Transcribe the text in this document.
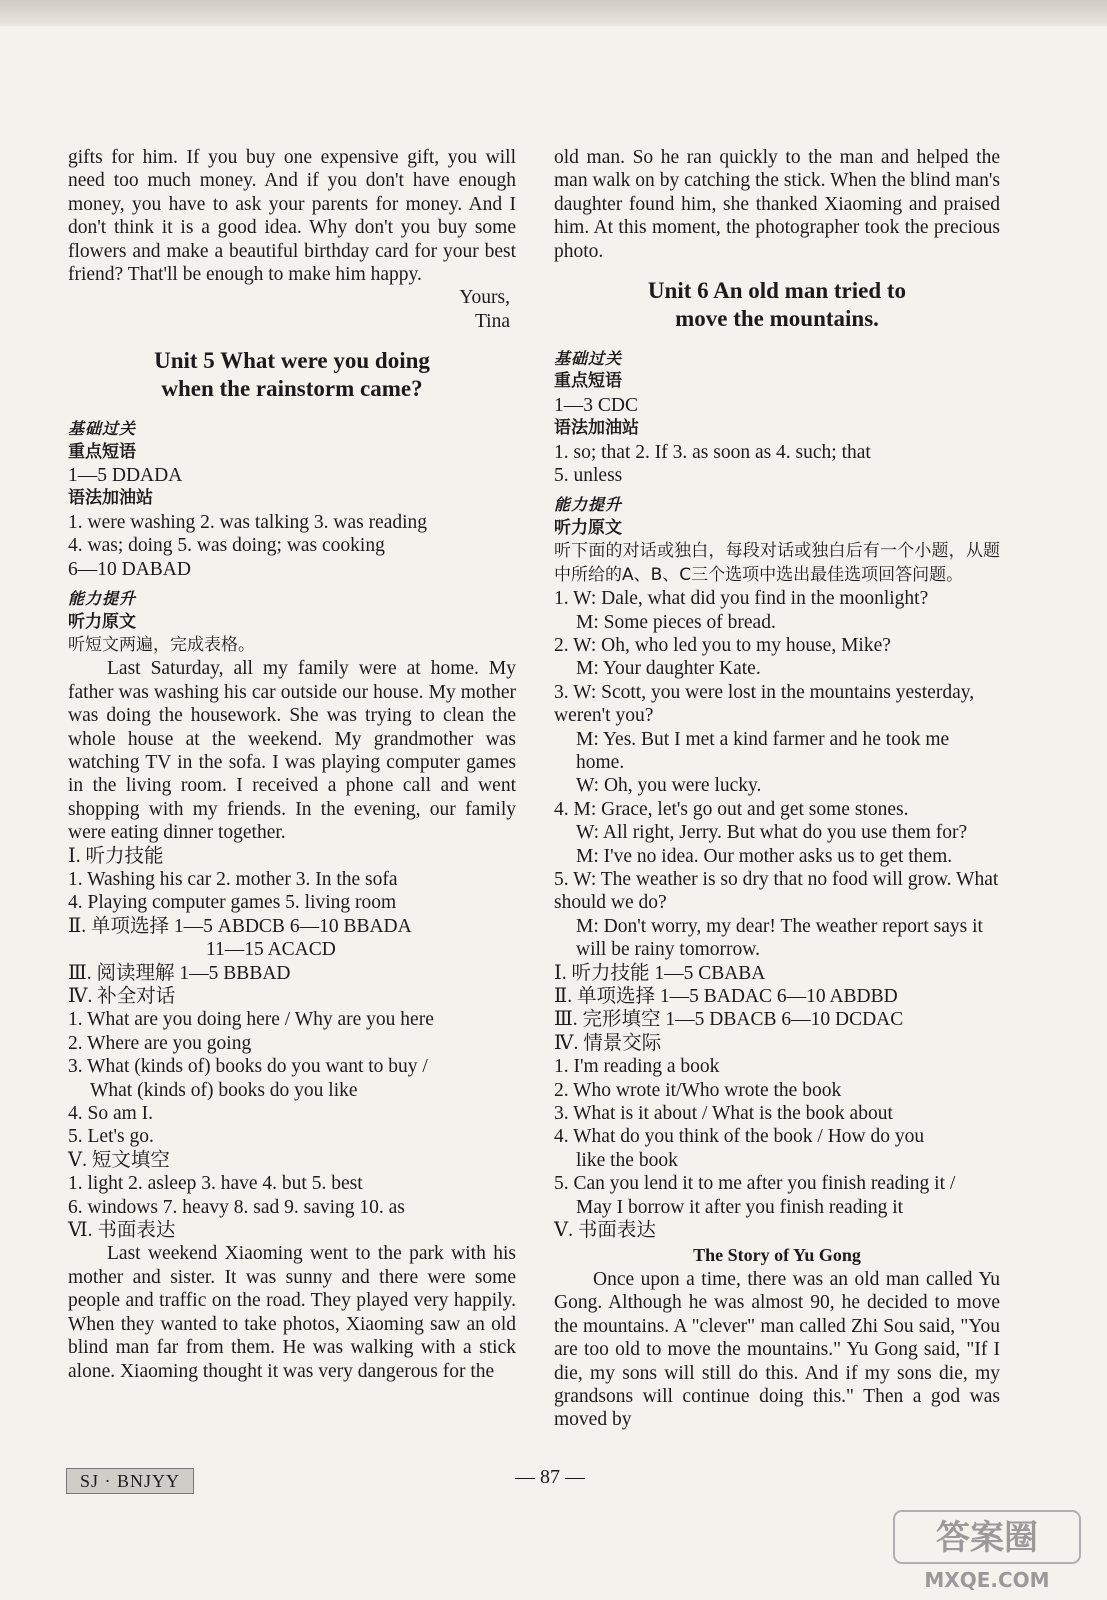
gifts for him. If you buy one expensive gift, you will need too much money. And if you don't have enough money, you have to ask your parents for money. And I don't think it is a good idea. Why don't you buy some flowers and make a beautiful birthday card for your best friend? That'll be enough to make him happy.

Yours,

Tina

Unit 5 What were you doing
when the rainstorm came?
基础过关
重点短语

1—5 DDADA

语法加油站

1. were washing 2. was talking 3. was reading

4. was; doing 5. was doing; was cooking

6—10 DABAD

能力提升
听力原文

听短文两遍，完成表格。

Last Saturday, all my family were at home. My father was washing his car outside our house. My mother was doing the housework. She was trying to clean the whole house at the weekend. My grandmother was watching TV in the sofa. I was playing computer games in the living room. I received a phone call and went shopping with my friends. In the evening, our family were eating dinner together.

Ⅰ. 听力技能

1. Washing his car 2. mother 3. In the sofa

4. Playing computer games 5. living room

Ⅱ. 单项选择 1—5 ABDCB 6—10 BBADA

11—15 ACACD

Ⅲ. 阅读理解 1—5 BBBAD

Ⅳ. 补全对话

1. What are you doing here / Why are you here

2. Where are you going

3. What (kinds of) books do you want to buy /

What (kinds of) books do you like

4. So am I.

5. Let's go.

Ⅴ. 短文填空

1. light 2. asleep 3. have 4. but 5. best

6. windows 7. heavy 8. sad 9. saving 10. as

Ⅵ. 书面表达

Last weekend Xiaoming went to the park with his mother and sister. It was sunny and there were some people and traffic on the road. They played very happily. When they wanted to take photos, Xiaoming saw an old blind man far from them. He was walking with a stick alone. Xiaoming thought it was very dangerous for the

old man. So he ran quickly to the man and helped the man walk on by catching the stick. When the blind man's daughter found him, she thanked Xiaoming and praised him. At this moment, the photographer took the precious photo.

Unit 6 An old man tried to
move the mountains.
基础过关
重点短语

1—3 CDC

语法加油站

1. so; that 2. If 3. as soon as 4. such; that

5. unless

能力提升
听力原文

听下面的对话或独白，每段对话或独白后有一个小题，从题中所给的A、B、C三个选项中选出最佳选项回答问题。

1. W: Dale, what did you find in the moonlight?

M: Some pieces of bread.

2. W: Oh, who led you to my house, Mike?

M: Your daughter Kate.

3. W: Scott, you were lost in the mountains yesterday, weren't you?

M: Yes. But I met a kind farmer and he took me home.

W: Oh, you were lucky.

4. M: Grace, let's go out and get some stones.

W: All right, Jerry. But what do you use them for?

M: I've no idea. Our mother asks us to get them.

5. W: The weather is so dry that no food will grow. What should we do?

M: Don't worry, my dear! The weather report says it will be rainy tomorrow.

Ⅰ. 听力技能 1—5 CBABA

Ⅱ. 单项选择 1—5 BADAC 6—10 ABDBD

Ⅲ. 完形填空 1—5 DBACB 6—10 DCDAC

Ⅳ. 情景交际

1. I'm reading a book

2. Who wrote it/Who wrote the book

3. What is it about / What is the book about

4. What do you think of the book / How do you

like the book

5. Can you lend it to me after you finish reading it /

May I borrow it after you finish reading it

Ⅴ. 书面表达

The Story of Yu Gong

Once upon a time, there was an old man called Yu Gong. Although he was almost 90, he decided to move the mountains. A "clever" man called Zhi Sou said, "You are too old to move the mountains." Yu Gong said, "If I die, my sons will still do this. And if my sons die, my grandsons will continue doing this." Then a god was moved by

SJ · BNJYY	— 87 —
答案圈
MXQE.COM
